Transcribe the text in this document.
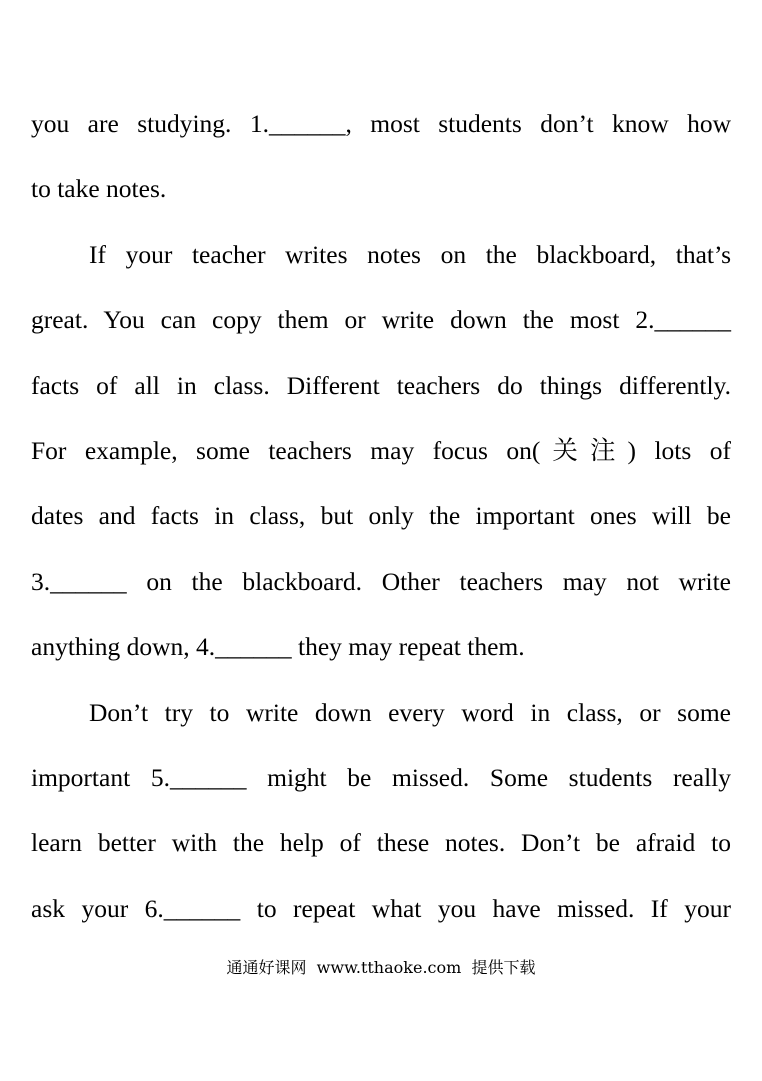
you are studying. 1.______, most students don’t know how
to take notes.
If your teacher writes notes on the blackboard, that’s
great. You can copy them or write down the most 2.______
facts of all in class. Different teachers do things differently.
For example, some teachers may focus on(关注) lots of
dates and facts in class, but only the important ones will be
3.______ on the blackboard. Other teachers may not write
anything down, 4.______ they may repeat them.
Don’t try to write down every word in class, or some
important 5.______ might be missed. Some students really
learn better with the help of these notes. Don’t be afraid to
ask your 6.______ to repeat what you have missed. If your
通通好课网  www.tthaoke.com  提供下载
